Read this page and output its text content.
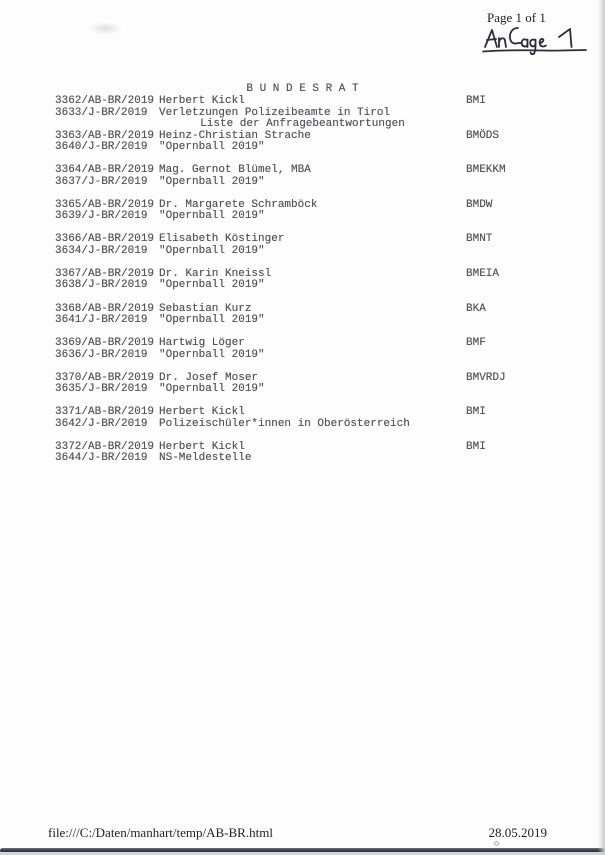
Page 1 of 1

B U N D E S R A T

Liste der Anfragebeantwortungen

3362/AB-BR/2019 Herbert Kickl	BMI
3633/J-BR/2019 Verletzungen Polizeibeamte in Tirol
3363/AB-BR/2019 Heinz-Christian Strache	BMÖDS
3640/J-BR/2019 "Opernball 2019"
3364/AB-BR/2019 Mag. Gernot Blümel, MBA	BMEKKM
3637/J-BR/2019 "Opernball 2019"
3365/AB-BR/2019 Dr. Margarete Schramböck	BMDW
3639/J-BR/2019 "Opernball 2019"
3366/AB-BR/2019 Elisabeth Köstinger	BMNT
3634/J-BR/2019 "Opernball 2019"
3367/AB-BR/2019 Dr. Karin Kneissl	BMEIA
3638/J-BR/2019 "Opernball 2019"
3368/AB-BR/2019 Sebastian Kurz	BKA
3641/J-BR/2019 "Opernball 2019"
3369/AB-BR/2019 Hartwig Löger	BMF
3636/J-BR/2019 "Opernball 2019"
3370/AB-BR/2019 Dr. Josef Moser	BMVRDJ
3635/J-BR/2019 "Opernball 2019"
3371/AB-BR/2019 Herbert Kickl	BMI
3642/J-BR/2019 Polizeischüler*innen in Oberösterreich
3372/AB-BR/2019 Herbert Kickl	BMI
3644/J-BR/2019 NS-Meldestelle
file:///C:/Daten/manhart/temp/AB-BR.html	28.05.2019
